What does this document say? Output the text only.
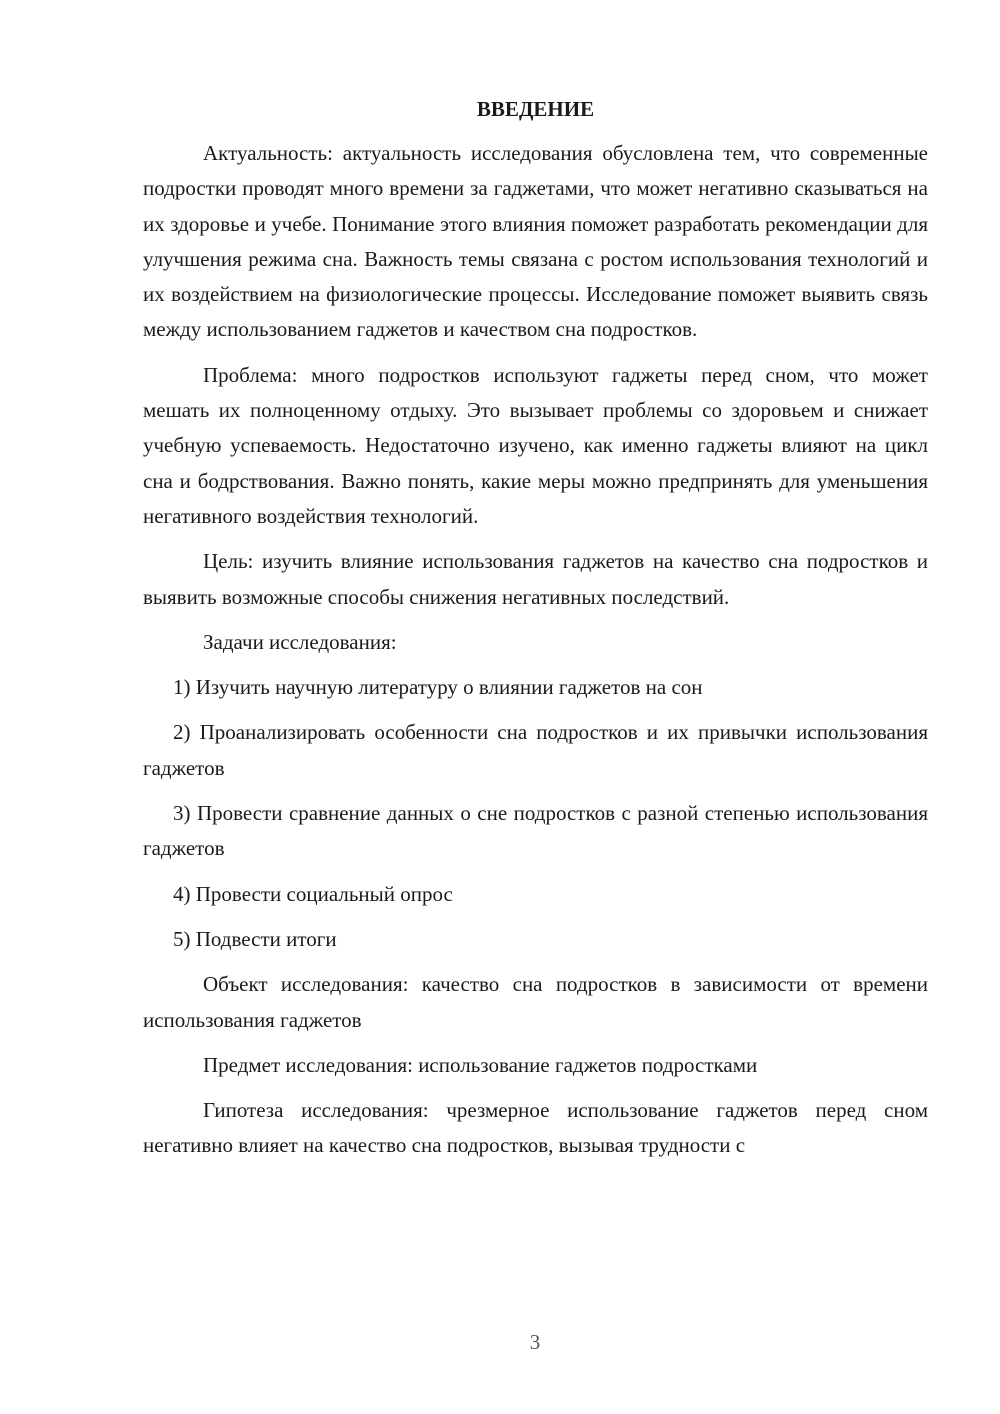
ВВЕДЕНИЕ

Актуальность: актуальность исследования обусловлена тем, что современные подростки проводят много времени за гаджетами, что может негативно сказываться на их здоровье и учебе. Понимание этого влияния поможет разработать рекомендации для улучшения режима сна. Важность темы связана с ростом использования технологий и их воздействием на физиологические процессы. Исследование поможет выявить связь между использованием гаджетов и качеством сна подростков.

Проблема: много подростков используют гаджеты перед сном, что может мешать их полноценному отдыху. Это вызывает проблемы со здоровьем и снижает учебную успеваемость. Недостаточно изучено, как именно гаджеты влияют на цикл сна и бодрствования. Важно понять, какие меры можно предпринять для уменьшения негативного воздействия технологий.

Цель: изучить влияние использования гаджетов на качество сна подростков и выявить возможные способы снижения негативных последствий.

Задачи исследования:

1) Изучить научную литературу о влиянии гаджетов на сон

2) Проанализировать особенности сна подростков и их привычки использования гаджетов

3) Провести сравнение данных о сне подростков с разной степенью использования гаджетов

4) Провести социальный опрос

5) Подвести итоги

Объект исследования: качество сна подростков в зависимости от времени использования гаджетов

Предмет исследования: использование гаджетов подростками

Гипотеза исследования: чрезмерное использование гаджетов перед сном негативно влияет на качество сна подростков, вызывая трудности с

3
